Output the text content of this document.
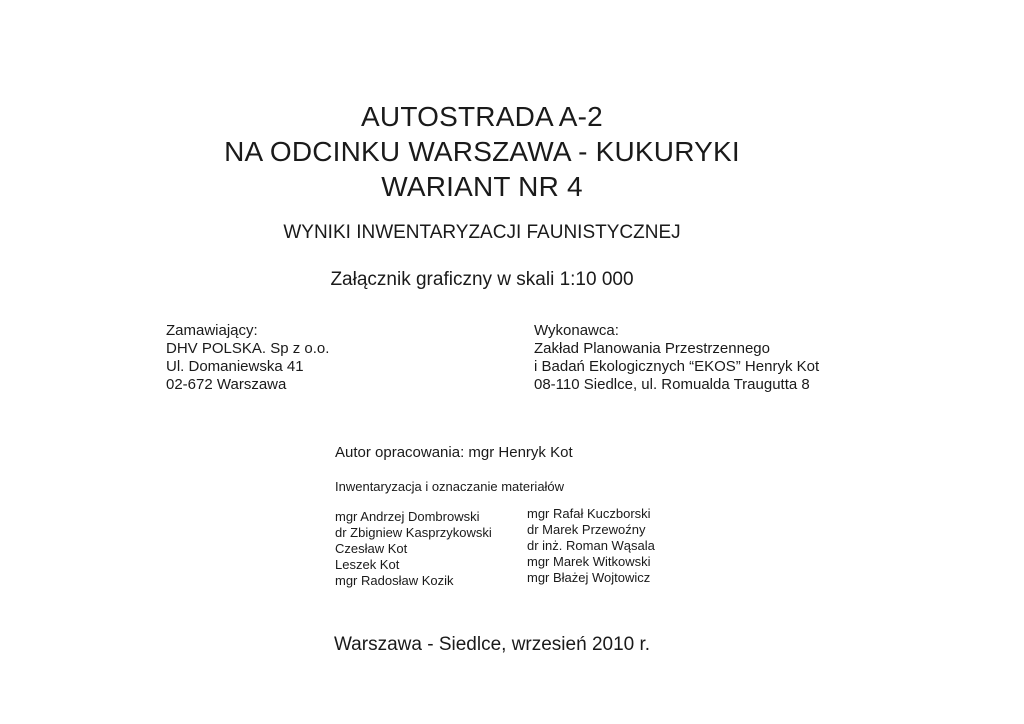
AUTOSTRADA A-2
NA ODCINKU WARSZAWA - KUKURYKI
WARIANT NR 4
WYNIKI INWENTARYZACJI FAUNISTYCZNEJ
Załącznik graficzny w skali 1:10 000
Zamawiający:
DHV POLSKA. Sp z o.o.
Ul. Domaniewska 41
02-672 Warszawa
Wykonawca:
Zakład Planowania Przestrzennego
i Badań Ekologicznych “EKOS” Henryk Kot
08-110 Siedlce, ul. Romualda Traugutta 8
Autor opracowania: mgr Henryk Kot
Inwentaryzacja i oznaczanie materiałów
mgr Andrzej Dombrowski
dr Zbigniew Kasprzykowski
Czesław Kot
Leszek Kot
mgr Radosław Kozik
mgr Rafał Kuczborski
dr Marek Przewoźny
dr inż. Roman Wąsala
mgr Marek Witkowski
mgr Błażej Wojtowicz
Warszawa - Siedlce, wrzesień 2010 r.
